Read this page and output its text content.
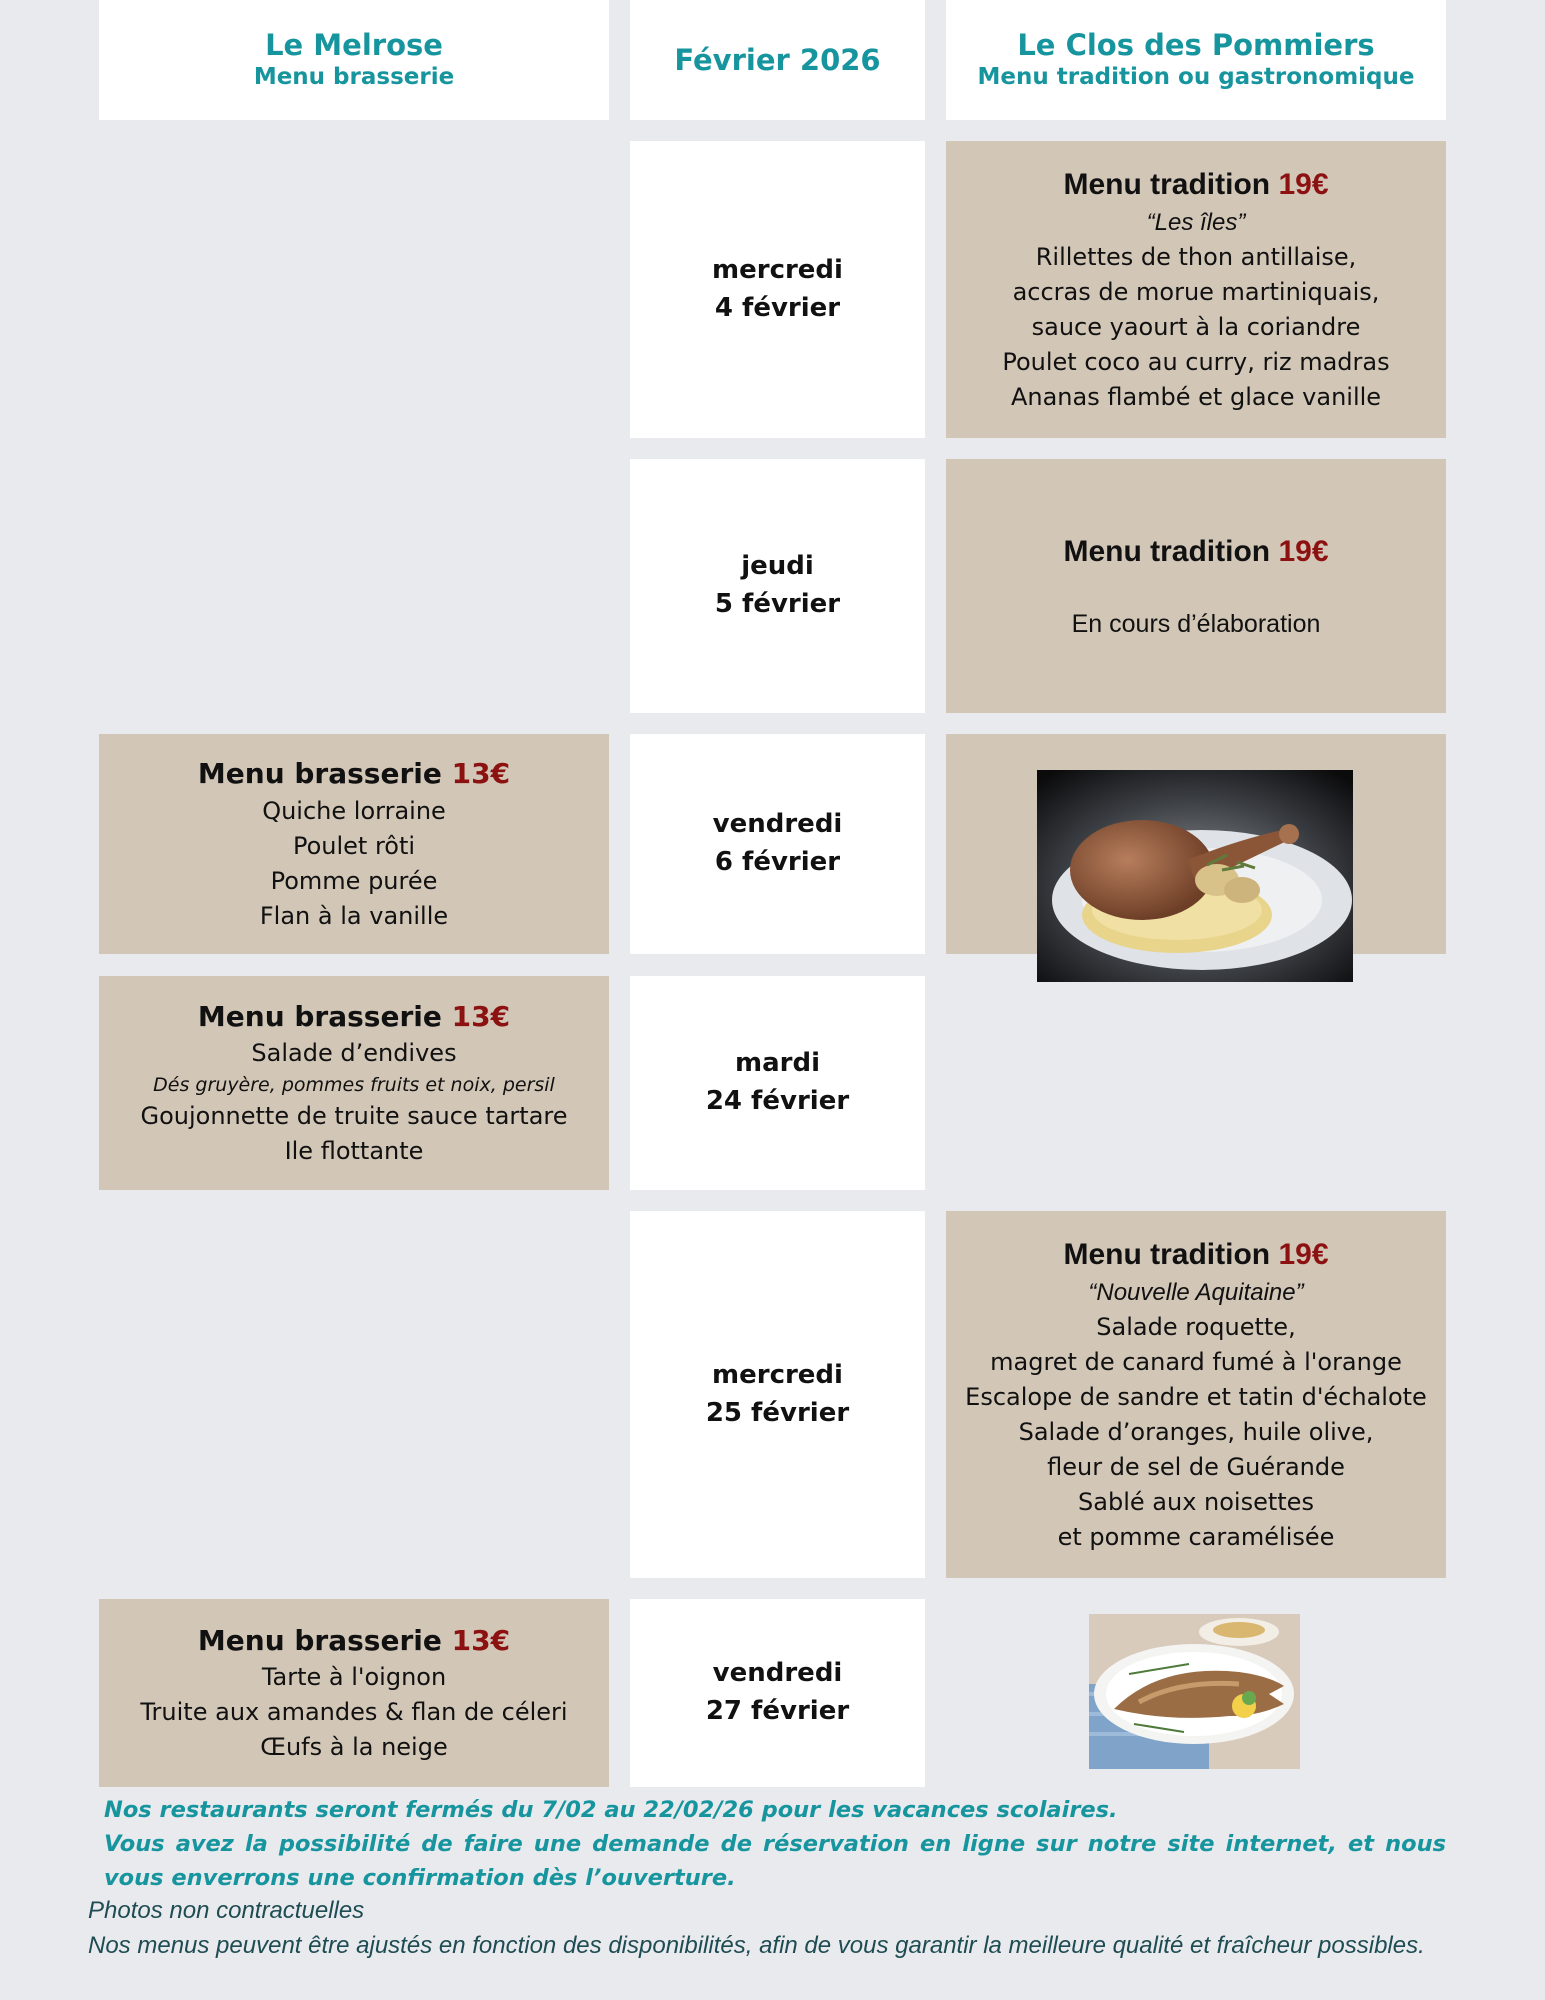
Le Melrose
Menu brasserie
Février 2026	Le Clos des Pommiers
Menu tradition ou gastronomique
mercredi
4 février
Menu tradition 19€
“Les îles”
Rillettes de thon antillaise,
accras de morue martiniquais,
sauce yaourt à la coriandre
Poulet coco au curry, riz madras
Ananas flambé et glace vanille
jeudi
5 février
Menu tradition 19€
En cours d’élaboration
Menu brasserie 13€
Quiche lorraine
Poulet rôti
Pomme purée
Flan à la vanille
vendredi
6 février
Menu brasserie 13€
Salade d’endives
Dés gruyère, pommes fruits et noix, persil
Goujonnette de truite sauce tartare
Ile flottante
mardi
24 février
mercredi
25 février
Menu tradition 19€
“Nouvelle Aquitaine”
Salade roquette,
magret de canard fumé à l'orange
Escalope de sandre et tatin d'échalote
Salade d’oranges, huile olive,
fleur de sel de Guérande
Sablé aux noisettes
et pomme caramélisée
Menu brasserie 13€
Tarte à l'oignon
Truite aux amandes & flan de céleri
Œufs à la neige
vendredi
27 février
Nos restaurants seront fermés du 7/02 au 22/02/26 pour les vacances scolaires.
Vous avez la possibilité de faire une demande de réservation en ligne sur notre site internet, et nous vous enverrons une confirmation dès l’ouverture.
Photos non contractuelles
Nos menus peuvent être ajustés en fonction des disponibilités, afin de vous garantir la meilleure qualité et fraîcheur possibles.
